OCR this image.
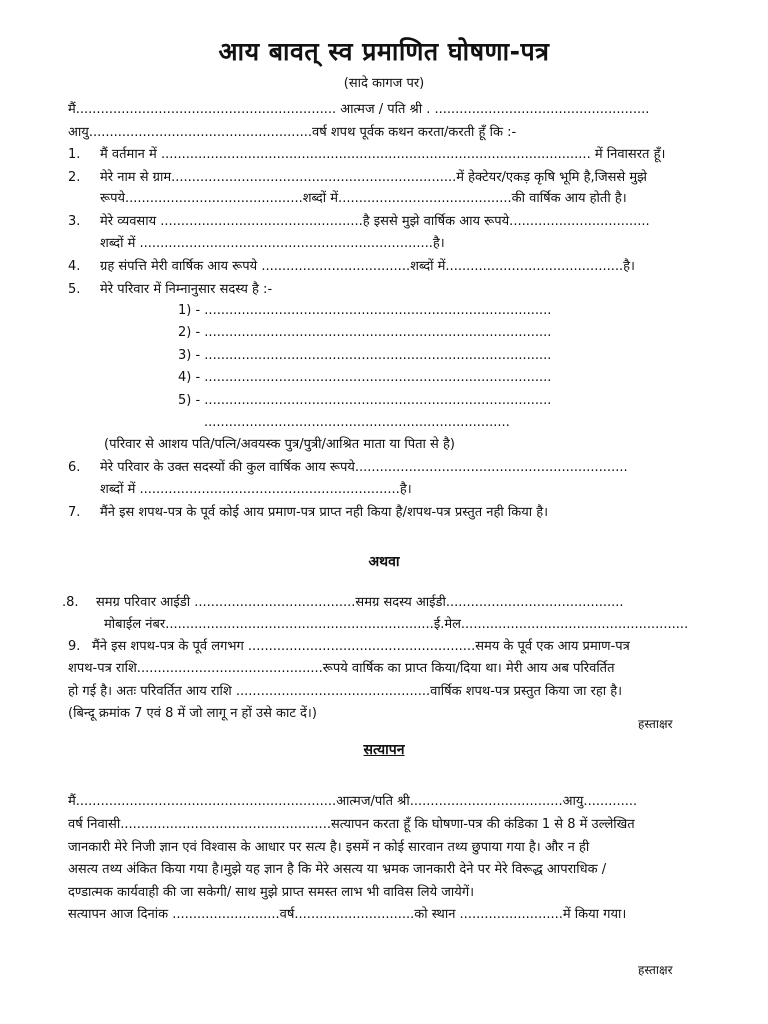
आय बावत् स्व प्रमाणित घोषणा-पत्र
(सादे कागज पर)
मैं............................................................... आत्मज / पति श्री . ....................................................
आयु......................................................वर्ष शपथ पूर्वक कथन करता/करती हूँ कि :-
1. मैं वर्तमान में ........................................................................................................ में निवासरत हूँ।
2. मेरे नाम से ग्राम.....................................................................में हेक्टेयर/एकड़ कृषि भूमि है,जिससे मुझे
रूपये...........................................शब्दों में..........................................की वार्षिक आय होती है।
3. मेरे व्यवसाय .................................................है इससे मुझे वार्षिक आय रूपये..................................
शब्दों में .......................................................................है।
4. ग्रह संपत्ति मेरी वार्षिक आय रूपये ....................................शब्दों में...........................................है।
5. मेरे परिवार में निम्नानुसार सदस्य है :-
1) - ....................................................................................
2) - ....................................................................................
3) - ....................................................................................
4) - ....................................................................................
5) - ....................................................................................
..........................................................................
(परिवार से आशय पति/पत्नि/अवयस्क पुत्र/पुत्री/आश्रित माता या पिता से है)
6. मेरे परिवार के उक्त सदस्यों की कुल वार्षिक आय रूपये..................................................................
शब्दों में ...............................................................है।
7. मैंने इस शपथ-पत्र के पूर्व कोई आय प्रमाण-पत्र प्राप्त नही किया है/शपथ-पत्र प्रस्तुत नही किया है।
अथवा
.8. समग्र परिवार आईडी .......................................समग्र सदस्य आईडी...........................................
मोबाईल नंबर.................................................................ई.मेल.......................................................
9. मैंने इस शपथ-पत्र के पूर्व लगभग .......................................................समय के पूर्व एक आय प्रमाण-पत्र
शपथ-पत्र राशि.............................................रूपये वार्षिक का प्राप्त किया/दिया था। मेरी आय अब परिवर्तित
हो गई है। अतः परिवर्तित आय राशि ...............................................वार्षिक शपथ-पत्र प्रस्तुत किया जा रहा है।
(बिन्दू क्रमांक 7 एवं 8 में जो लागू न हों उसे काट दें।)
हस्ताक्षर
सत्यापन
मैं...............................................................आत्मज/पति श्री.....................................आयु.............
वर्ष निवासी...................................................सत्यापन करता हूँ कि घोषणा-पत्र की कंडिका 1 से 8 में उल्लेखित
जानकारी मेरे निजी ज्ञान एवं विश्वास के आधार पर सत्य है। इसमें न कोई सारवान तथ्य छुपाया गया है। और न ही
असत्य तथ्य अंकित किया गया है।मुझे यह ज्ञान है कि मेरे असत्य या भ्रमक जानकारी देने पर मेरे विरूद्ध आपराधिक /
दण्डात्मक कार्यवाही की जा सकेगी/ साथ मुझे प्राप्त समस्त लाभ भी वाविस लिये जायेगें।
सत्यापन आज दिनांक ..........................वर्ष.............................को स्थान .........................में किया गया।
हस्ताक्षर
